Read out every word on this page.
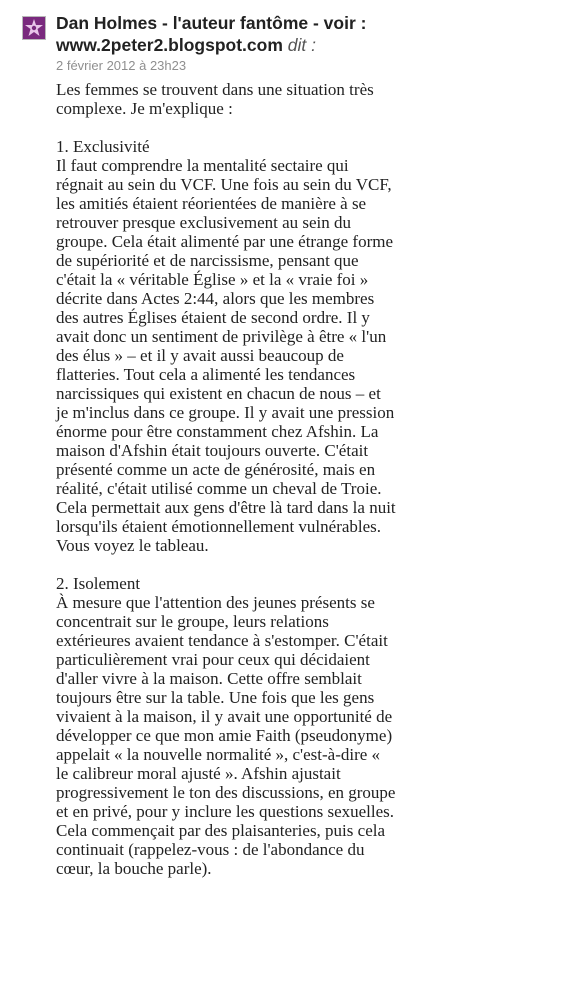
Dan Holmes - l'auteur fantôme - voir :

www.2peter2.blogspot.com dit :

2 février 2012 à 23h23

Les femmes se trouvent dans une situation très complexe. Je m'explique :

1. Exclusivité
Il faut comprendre la mentalité sectaire qui régnait au sein du VCF. Une fois au sein du VCF, les amitiés étaient réorientées de manière à se retrouver presque exclusivement au sein du groupe. Cela était alimenté par une étrange forme de supériorité et de narcissisme, pensant que c'était la « véritable Église » et la « vraie foi » décrite dans Actes 2:44, alors que les membres des autres Églises étaient de second ordre. Il y avait donc un sentiment de privilège à être « l'un des élus » – et il y avait aussi beaucoup de flatteries. Tout cela a alimenté les tendances narcissiques qui existent en chacun de nous – et je m'inclus dans ce groupe. Il y avait une pression énorme pour être constamment chez Afshin. La maison d'Afshin était toujours ouverte. C'était présenté comme un acte de générosité, mais en réalité, c'était utilisé comme un cheval de Troie. Cela permettait aux gens d'être là tard dans la nuit lorsqu'ils étaient émotionnellement vulnérables. Vous voyez le tableau.

2. Isolement
À mesure que l'attention des jeunes présents se concentrait sur le groupe, leurs relations extérieures avaient tendance à s'estomper. C'était particulièrement vrai pour ceux qui décidaient d'aller vivre à la maison. Cette offre semblait toujours être sur la table. Une fois que les gens vivaient à la maison, il y avait une opportunité de développer ce que mon amie Faith (pseudonyme) appelait « la nouvelle normalité », c'est-à-dire « le calibreur moral ajusté ». Afshin ajustait progressivement le ton des discussions, en groupe et en privé, pour y inclure les questions sexuelles. Cela commençait par des plaisanteries, puis cela continuait (rappelez-vous : de l'abondance du cœur, la bouche parle).
